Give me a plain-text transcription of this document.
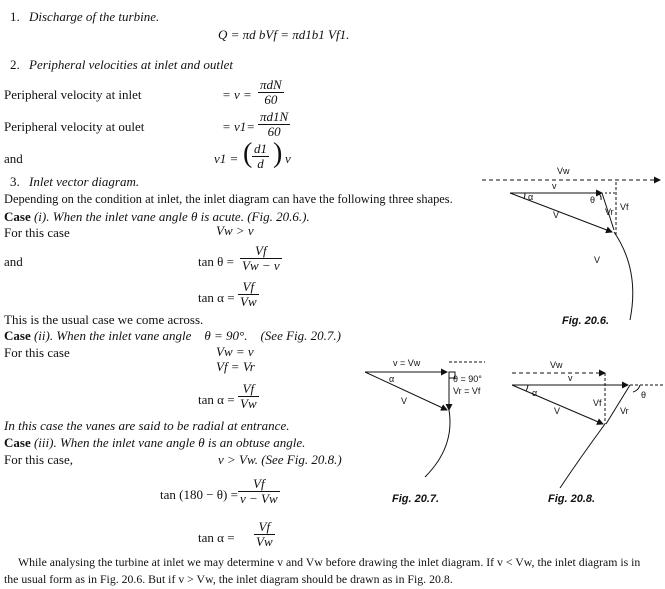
1. Discharge of the turbine.
Q = πd bVf = πd1b1 Vf1.
2. Peripheral velocities at inlet and outlet
Peripheral velocity at inlet	= v =
πdN
60
Peripheral velocity at oulet	= $v1= \frac{\pi d1N}{60}$
and	v1 = ( $\frac{d1}{d}$ ) v
3. Inlet vector diagram.
Depending on the condition at inlet, the inlet diagram can have the following three shapes.
Case (i). When the inlet vane angle θ is acute. (Fig. 20.6.).
For this case	Vw > v
and	$\tan \theta = \frac{Vf}{Vw - v}$
$\tan \alpha = \frac{Vf}{Vw}$
This is the usual case we come across.
Case (ii). When the inlet vane angle    θ = 90°.    (See Fig. 20.7.)
For this case	Vw = v
Vf = Vr
$\tan \alpha = \frac{Vf}{Vw}$
In this case the vanes are said to be radial at entrance.
Case (iii). When the inlet vane angle θ is an obtuse angle.
For this case,	v > Vw. (See Fig. 20.8.)
$\tan (180 - \theta) = \frac{Vf}{v - Vw}$
$\tan \alpha = \frac{Vf}{Vw}$
While analysing the turbine at inlet we may determine v and Vw before drawing the inlet diagram. If v < Vw, the inlet diagram is in
the usual form as in Fig. 20.6. But if v > Vw, the inlet diagram should be drawn as in Fig. 20.8.
Vw
v
Vf
V	Vr
θ
α
V
Fig. 20.6.
v = Vw
θ = 90°
Vr = Vf
V
α
Fig. 20.7.
Vw
v
Vf
V	Vr
θ
α
Fig. 20.8.
